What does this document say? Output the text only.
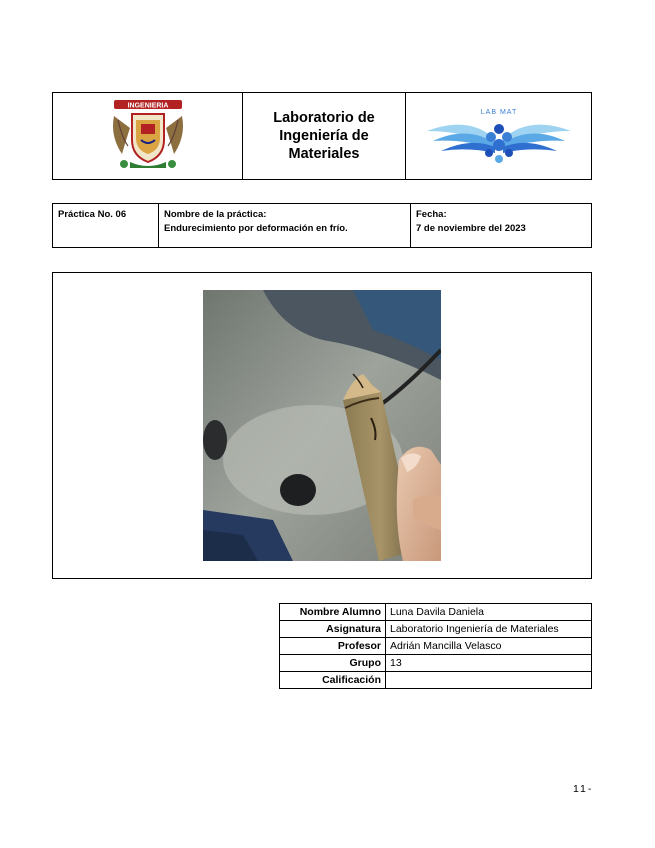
INGENIERIA
Laboratorio de
Ingeniería de
Materiales
LAB MAT
Práctica No. 06	Nombre de la práctica:
Endurecimiento por deformación en frío.
Fecha:
7 de noviembre del 2023
Nombre Alumno	Luna Davila Daniela
Asignatura	Laboratorio Ingeniería de Materiales
Profesor	Adrián Mancilla Velasco
Grupo	13
Calificación	
11-
